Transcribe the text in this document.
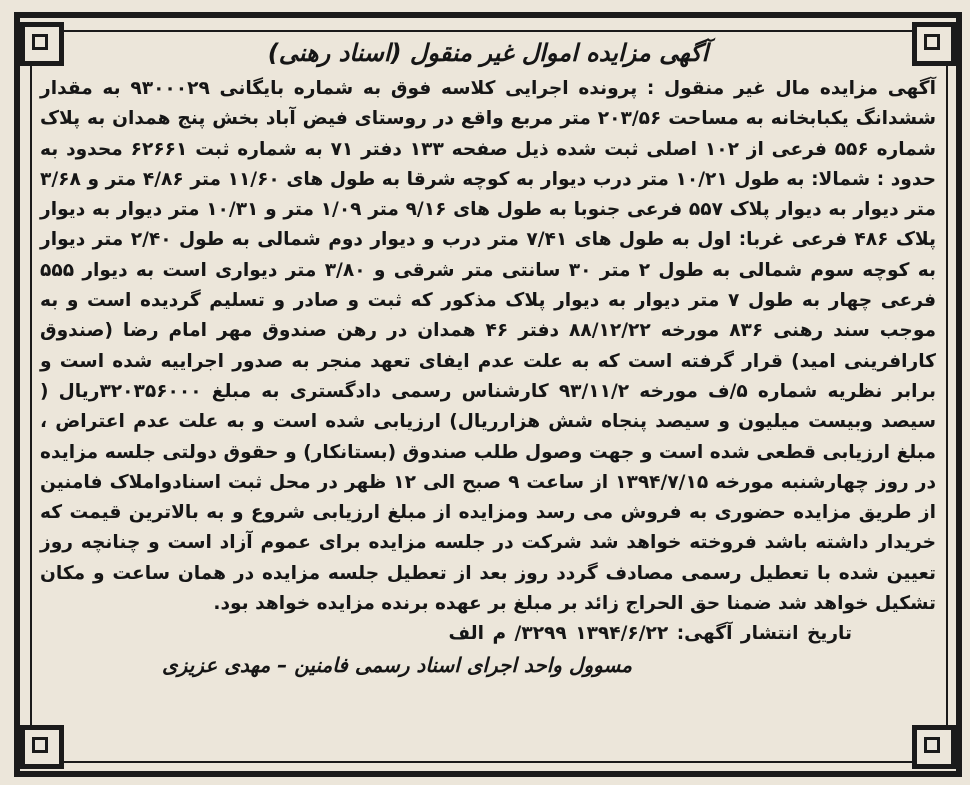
آگهی مزایده اموال غیر منقول (اسناد رهنی)

آگهی مزایده مال غیر منقول : پرونده اجرایی کلاسه فوق به شماره بایگانی ۹۳۰۰۰۲۹ به مقدار ششدانگ یکبابخانه به مساحت ۲۰۳/۵۶ متر مربع واقع در روستای فیض آباد بخش پنج همدان به پلاک شماره ۵۵۶ فرعی از ۱۰۲ اصلی ثبت شده ذیل صفحه ۱۳۳ دفتر ۷۱ به شماره ثبت ۶۲۶۶۱ محدود به حدود : شمالا: به طول ۱۰/۲۱ متر درب دیوار به کوچه شرقا به طول های ۱۱/۶۰ متر ۴/۸۶ متر و ۳/۶۸ متر دیوار به دیوار پلاک ۵۵۷ فرعی جنوبا به طول های ۹/۱۶ متر ۱/۰۹ متر و ۱۰/۳۱ متر دیوار به دیوار پلاک ۴۸۶ فرعی غربا: اول به طول های ۷/۴۱ متر درب و دیوار دوم شمالی به طول ۲/۴۰ متر دیوار به کوچه سوم شمالی به طول ۲ متر ۳۰ سانتی متر شرقی و ۳/۸۰ متر دیواری است به دیوار ۵۵۵ فرعی چهار به طول ۷ متر دیوار به دیوار پلاک مذکور که ثبت و صادر و تسلیم گردیده است و به موجب سند رهنی ۸۳۶ مورخه ۸۸/۱۲/۲۲ دفتر ۴۶ همدان در رهن صندوق مهر امام رضا (صندوق کارافرینی امید) قرار گرفته است که به علت عدم ایفای تعهد منجر به صدور اجراییه شده است و برابر نظریه شماره ۵/ف مورخه ۹۳/۱۱/۲ کارشناس رسمی دادگستری به مبلغ ۳۲۰۳۵۶۰۰۰ریال ( سیصد وبیست میلیون و سیصد پنجاه شش هزارریال) ارزیابی شده است و به علت عدم اعتراض ، مبلغ ارزیابی قطعی شده است و جهت وصول طلب صندوق (بستانکار) و حقوق دولتی جلسه مزایده در روز چهارشنبه مورخه ۱۳۹۴/۷/۱۵ از ساعت ۹ صبح الی ۱۲ ظهر در محل ثبت اسنادواملاک فامنین از طریق مزایده حضوری به فروش می رسد ومزایده از مبلغ ارزیابی شروع و به بالاترین قیمت که خریدار داشته باشد فروخته خواهد شد شرکت در جلسه مزایده برای عموم آزاد است و چنانچه روز تعیین شده با تعطیل رسمی مصادف گردد روز بعد از تعطیل جلسه مزایده در همان ساعت و مکان تشکیل خواهد شد ضمنا حق الحراج زائد بر مبلغ بر عهده برنده مزایده خواهد بود.

تاریخ انتشار آگهی: ۱۳۹۴/۶/۲۲ ۳۲۹۹/ م الف

مسوول واحد اجرای اسناد رسمی فامنین – مهدی عزیزی
